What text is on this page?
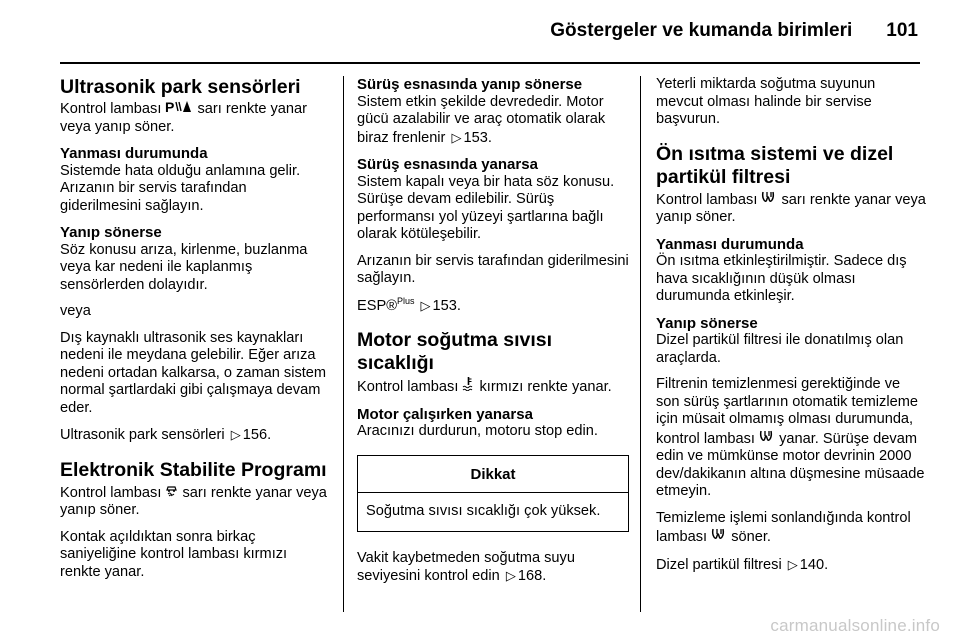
Göstergeler ve kumanda birimleri 101
Ultrasonik park sensörleri

Kontrol lambası P sarı renkte yanar veya yanıp söner.

Yanması durumunda

Sistemde hata olduğu anlamına gelir. Arızanın bir servis tarafından giderilmesini sağlayın.

Yanıp sönerse

Söz konusu arıza, kirlenme, buzlanma veya kar nedeni ile kaplanmış sensörlerden dolayıdır.

veya

Dış kaynaklı ultrasonik ses kaynakları nedeni ile meydana gelebilir. Eğer arıza nedeni ortadan kalkarsa, o zaman sistem normal şartlardaki gibi çalışmaya devam eder.

Ultrasonik park sensörleri ▷ 156.

Elektronik Stabilite Programı

Kontrol lambası  sarı renkte yanar veya yanıp söner.

Kontak açıldıktan sonra birkaç saniyeliğine kontrol lambası kırmızı renkte yanar.

Sürüş esnasında yanıp sönerse

Sistem etkin şekilde devrededir. Motor gücü azalabilir ve araç otomatik olarak biraz frenlenir ▷ 153.

Sürüş esnasında yanarsa

Sistem kapalı veya bir hata söz konusu. Sürüşe devam edilebilir. Sürüş performansı yol yüzeyi şartlarına bağlı olarak kötüleşebilir.

Arızanın bir servis tarafından giderilmesini sağlayın.

ESP®$^{Plus}$ ▷ 153.

Motor soğutma sıvısı sıcaklığı

Kontrol lambası  kırmızı renkte yanar.

Motor çalışırken yanarsa

Aracınızı durdurun, motoru stop edin.

Dikkat
Soğutma sıvısı sıcaklığı çok yüksek.

Vakit kaybetmeden soğutma suyu seviyesini kontrol edin ▷ 168.

Yeterli miktarda soğutma suyunun mevcut olması halinde bir servise başvurun.

Ön ısıtma sistemi ve dizel partikül filtresi

Kontrol lambası  sarı renkte yanar veya yanıp söner.

Yanması durumunda

Ön ısıtma etkinleştirilmiştir. Sadece dış hava sıcaklığının düşük olması durumunda etkinleşir.

Yanıp sönerse

Dizel partikül filtresi ile donatılmış olan araçlarda.

Filtrenin temizlenmesi gerektiğinde ve son sürüş şartlarının otomatik temizleme için müsait olmamış olması durumunda, kontrol lambası  yanar. Sürüşe devam edin ve mümkünse motor devrinin 2000 dev/dakikanın altına düşmesine müsaade etmeyin.

Temizleme işlemi sonlandığında kontrol lambası  söner.

Dizel partikül filtresi ▷ 140.

carmanualsonline.info
